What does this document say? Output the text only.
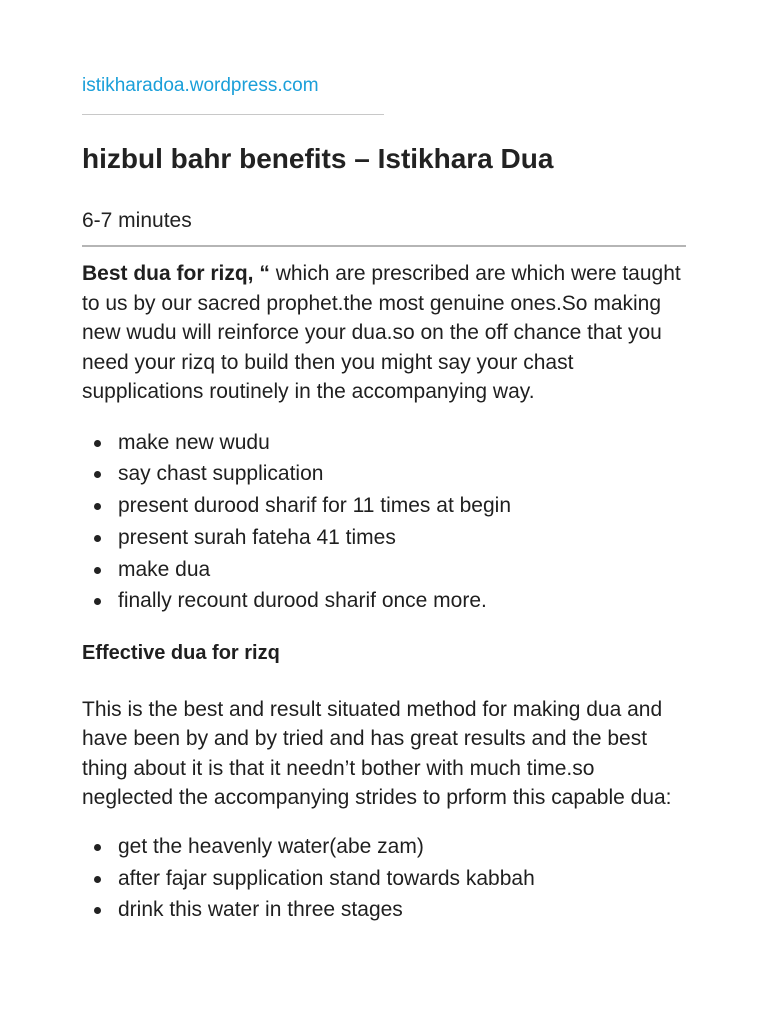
istikharadoa.wordpress.com
hizbul bahr benefits – Istikhara Dua
6-7 minutes

Best dua for rizq, “ which are prescribed are which were taught to us by our sacred prophet.the most genuine ones.So making new wudu will reinforce your dua.so on the off chance that you need your rizq to build then you might say your chast supplications routinely in the accompanying way.

make new wudu
say chast supplication
present durood sharif for 11 times at begin
present surah fateha 41 times
make dua
finally recount durood sharif once more.

Effective dua for rizq

This is the best and result situated method for making dua and have been by and by tried and has great results and the best thing about it is that it needn’t bother with much time.so neglected the accompanying strides to prform this capable dua:

get the heavenly water(abe zam)
after fajar supplication stand towards kabbah
drink this water in three stages
